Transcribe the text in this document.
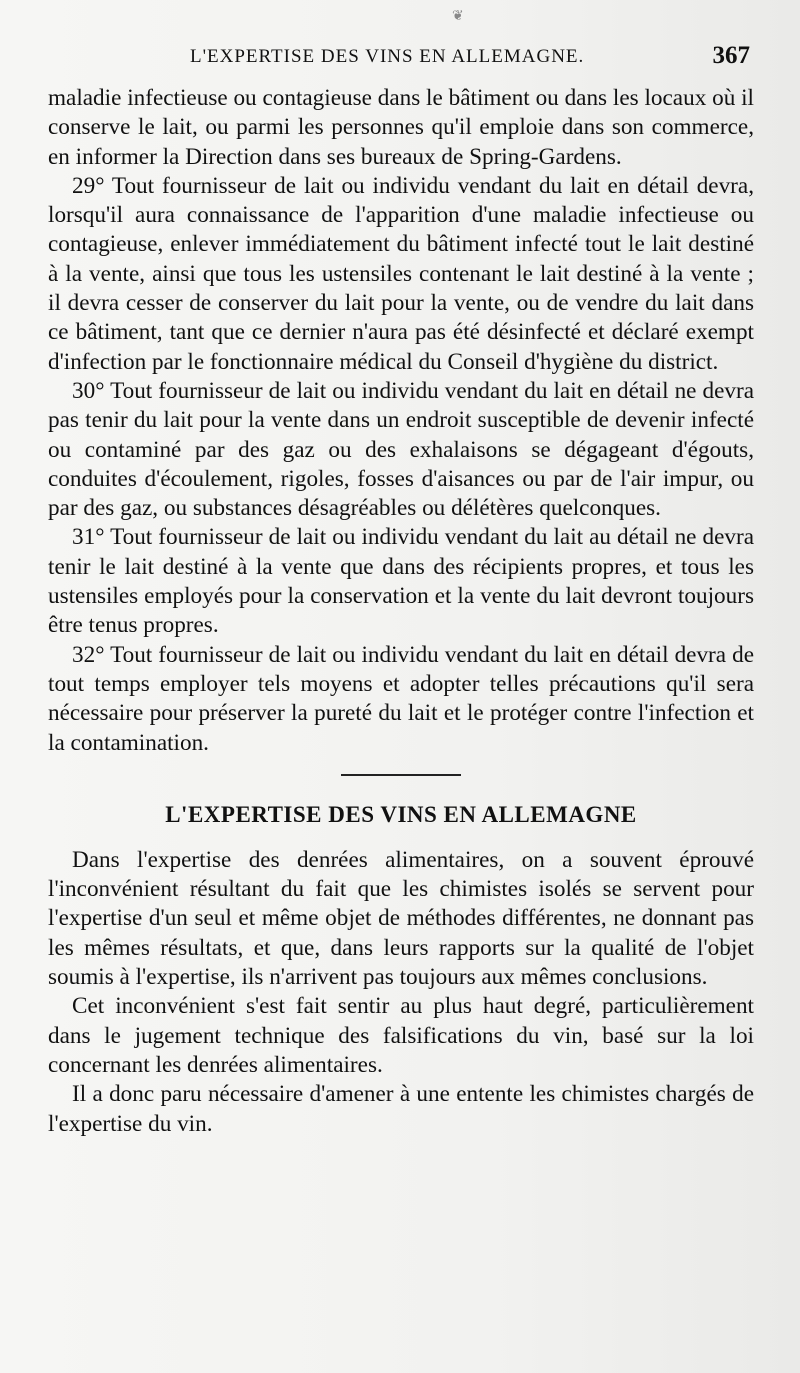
❦
L'EXPERTISE DES VINS EN ALLEMAGNE.	367

maladie infectieuse ou contagieuse dans le bâtiment ou dans les locaux où il conserve le lait, ou parmi les personnes qu'il emploie dans son commerce, en informer la Direction dans ses bureaux de Spring-Gardens.

29° Tout fournisseur de lait ou individu vendant du lait en détail devra, lorsqu'il aura connaissance de l'apparition d'une maladie infectieuse ou contagieuse, enlever immédiatement du bâtiment infecté tout le lait destiné à la vente, ainsi que tous les ustensiles contenant le lait destiné à la vente ; il devra cesser de conserver du lait pour la vente, ou de vendre du lait dans ce bâtiment, tant que ce dernier n'aura pas été désinfecté et déclaré exempt d'infection par le fonctionnaire médical du Conseil d'hygiène du district.

30° Tout fournisseur de lait ou individu vendant du lait en détail ne devra pas tenir du lait pour la vente dans un endroit susceptible de devenir infecté ou contaminé par des gaz ou des exhalaisons se dégageant d'égouts, conduites d'écoulement, rigoles, fosses d'aisances ou par de l'air impur, ou par des gaz, ou substances désagréables ou délétères quelconques.

31° Tout fournisseur de lait ou individu vendant du lait au détail ne devra tenir le lait destiné à la vente que dans des récipients propres, et tous les ustensiles employés pour la conservation et la vente du lait devront toujours être tenus propres.

32° Tout fournisseur de lait ou individu vendant du lait en détail devra de tout temps employer tels moyens et adopter telles précautions qu'il sera nécessaire pour préserver la pureté du lait et le protéger contre l'infection et la contamination.

L'EXPERTISE DES VINS EN ALLEMAGNE

Dans l'expertise des denrées alimentaires, on a souvent éprouvé l'inconvénient résultant du fait que les chimistes isolés se servent pour l'expertise d'un seul et même objet de méthodes différentes, ne donnant pas les mêmes résultats, et que, dans leurs rapports sur la qualité de l'objet soumis à l'expertise, ils n'arrivent pas toujours aux mêmes conclusions.

Cet inconvénient s'est fait sentir au plus haut degré, particulièrement dans le jugement technique des falsifications du vin, basé sur la loi concernant les denrées alimentaires.

Il a donc paru nécessaire d'amener à une entente les chimistes chargés de l'expertise du vin.
